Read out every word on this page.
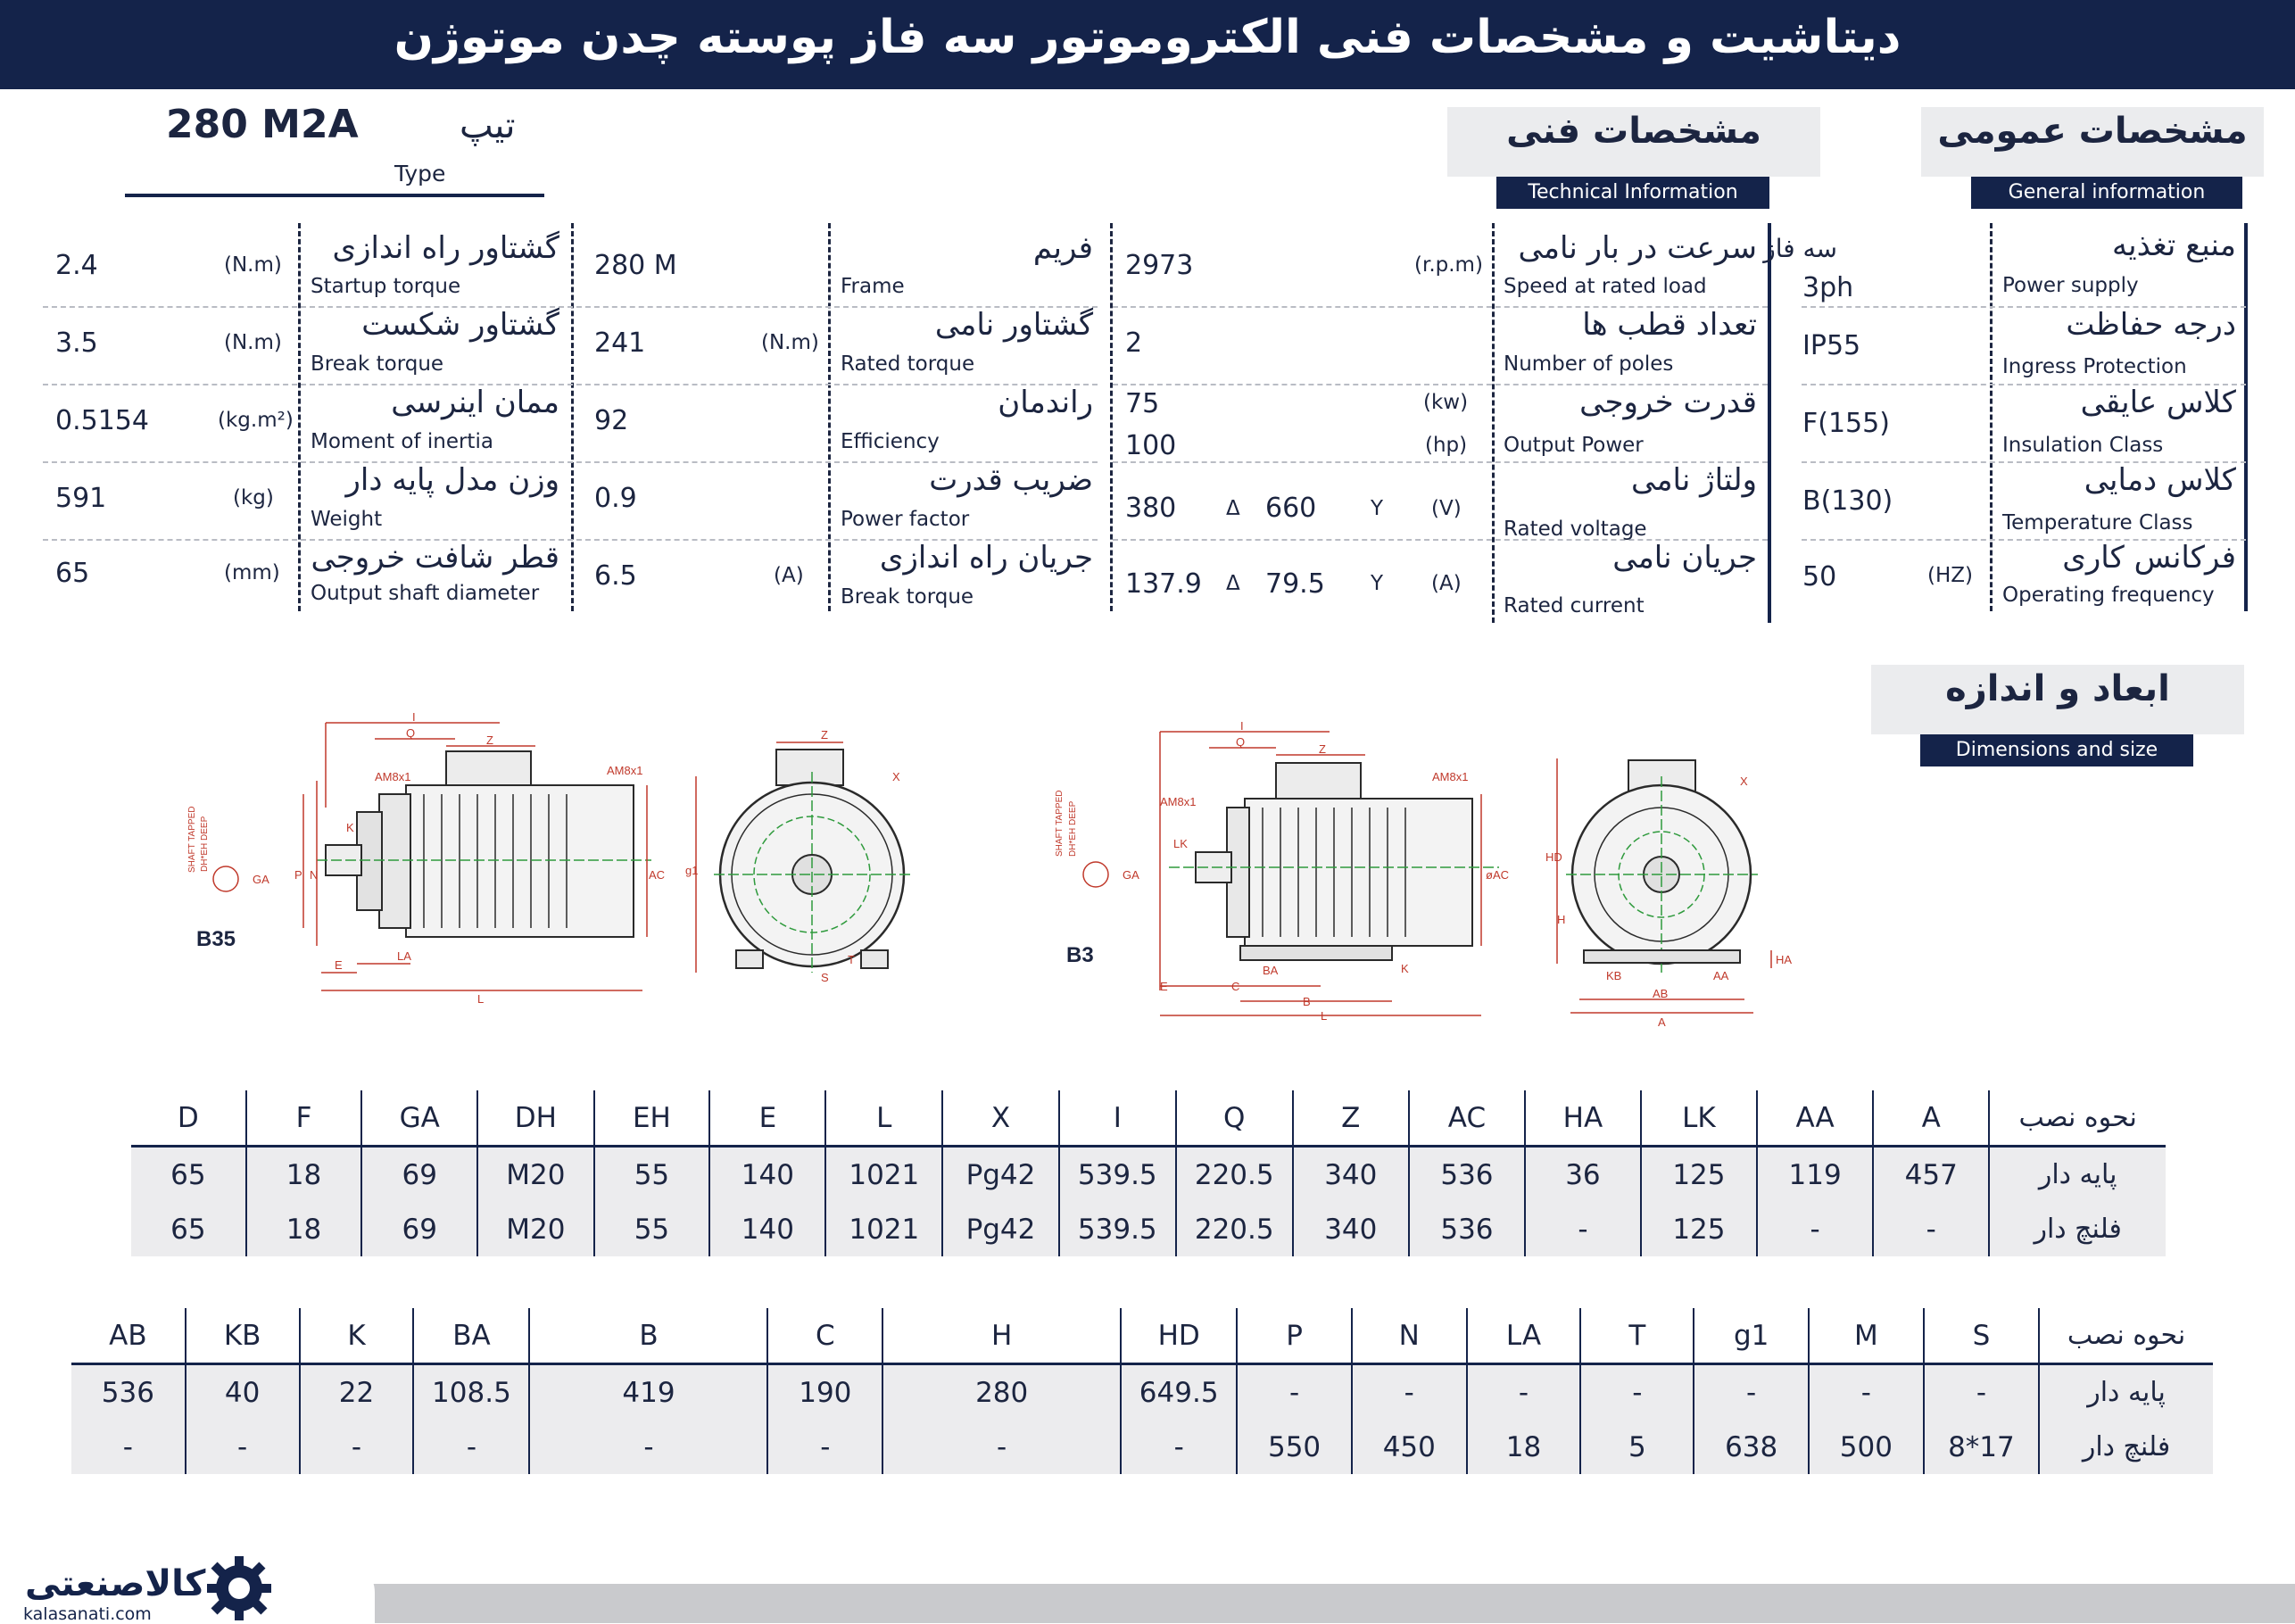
دیتاشیت و مشخصات فنی الکتروموتور سه فاز پوسته چدن موتوژن
مشخصات عمومی
General information
مشخصات فنی
Technical Information
تیپ
280 M2A
Type
منبع تغذیه
Power supply
سه فاز
3ph
درجه حفاظت
Ingress Protection
IP55
کلاس عایقی
Insulation Class
F(155)
کلاس دمایی
Temperature Class
B(130)
فرکانس کاری
Operating frequency
50	(HZ)
سرعت در بار نامی
Speed at rated load
2973	(r.p.m)
تعداد قطب ها
Number of poles
2
قدرت خروجی
Output Power
75	(kw)
100	(hp)
ولتاژ نامی
Rated voltage
380 Δ 660	Y (V)
جریان نامی
Rated current
137.9 Δ 79.5 Y (A)
فریم
Frame
280 M
گشتاور نامی
Rated torque
241	(N.m)
راندمان
Efficiency
92
ضریب قدرت
Power factor
0.9
جریان راه اندازی
Break torque
6.5	(A)
گشتاور راه اندازی
Startup torque
2.4	(N.m)
گشتاور شکست
Break torque
3.5	(N.m)
ممان اینرسی
Moment of inertia
0.5154	(kg.m²)
وزن مدل پایه دار
Weight
591	(kg)
قطر شافت خروجی
Output shaft diameter
65	(mm)
ابعاد و اندازه
Dimensions and size
I
Q
Z
AM8x1	AM8x1
K
P N	AC
E
LA
L
GA
SHAFT TAPPED DH*EH DEEP
B35
Z
X
g1
S
T
I
Q
Z
AM8x1
AM8x1
LK
øAC
BA	K
E	C
B
L
GA
SHAFT TAPPED DH*EH DEEP
B3
X
HD
H
KB	AA
AB
A
HA
D	F	GA	DH	EH	E	L	X	I	Q	Z	AC	HA	LK	AA	A	نحوه نصب
65	18	69	M20	55	140	1021	Pg42	539.5	220.5	340	536	36	125	119	457	پایه دار
65	18	69	M20	55	140	1021	Pg42	539.5	220.5	340	536	-	125	-	-	فلنچ دار
AB	KB	K	BA	B	C	H	HD	P	N	LA	T	g1	M	S	نحوه نصب
536	40	22	108.5	419	190	280	649.5	-	-	-	-	-	-	-	پایه دار
-	-	-	-	-	-	-	-	550	450	18	5	638	500	8*17	فلنچ دار
کالاصنعتی
kalasanati.com
